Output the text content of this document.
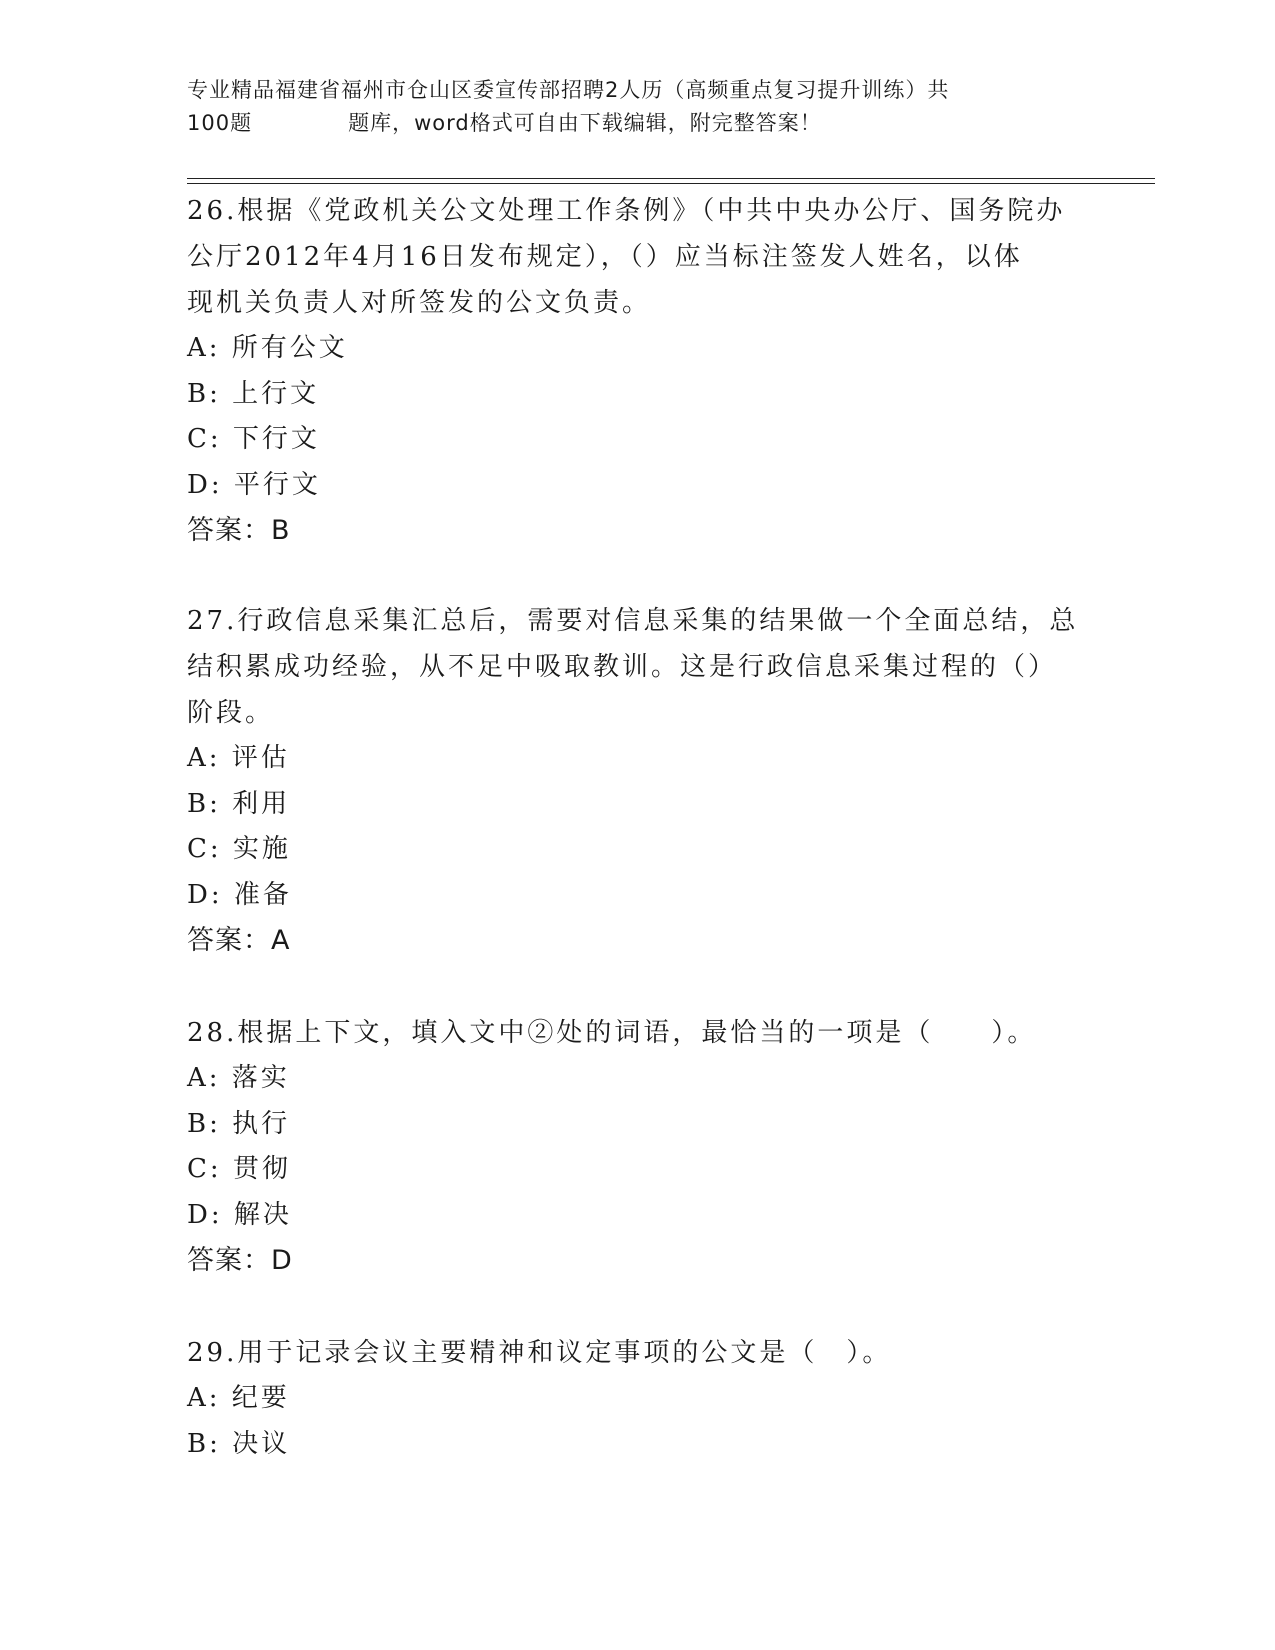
专业精品福建省福州市仓山区委宣传部招聘2人历（高频重点复习提升训练）共
100题	题库，word格式可自由下载编辑，附完整答案！
26.根据《党政机关公文处理工作条例》（中共中央办公厅、国务院办
公厅2012年4月16日发布规定），（）应当标注签发人姓名，以体
现机关负责人对所签发的公文负责。
A: 所有公文
B: 上行文
C: 下行文
D: 平行文
答案：B
27.行政信息采集汇总后，需要对信息采集的结果做一个全面总结，总
结积累成功经验，从不足中吸取教训。这是行政信息采集过程的（）
阶段。
A: 评估
B: 利用
C: 实施
D: 准备
答案：A
28.根据上下文，填入文中②处的词语，最恰当的一项是（　　）。
A: 落实
B: 执行
C: 贯彻
D: 解决
答案：D
29.用于记录会议主要精神和议定事项的公文是（　）。
A: 纪要
B: 决议
